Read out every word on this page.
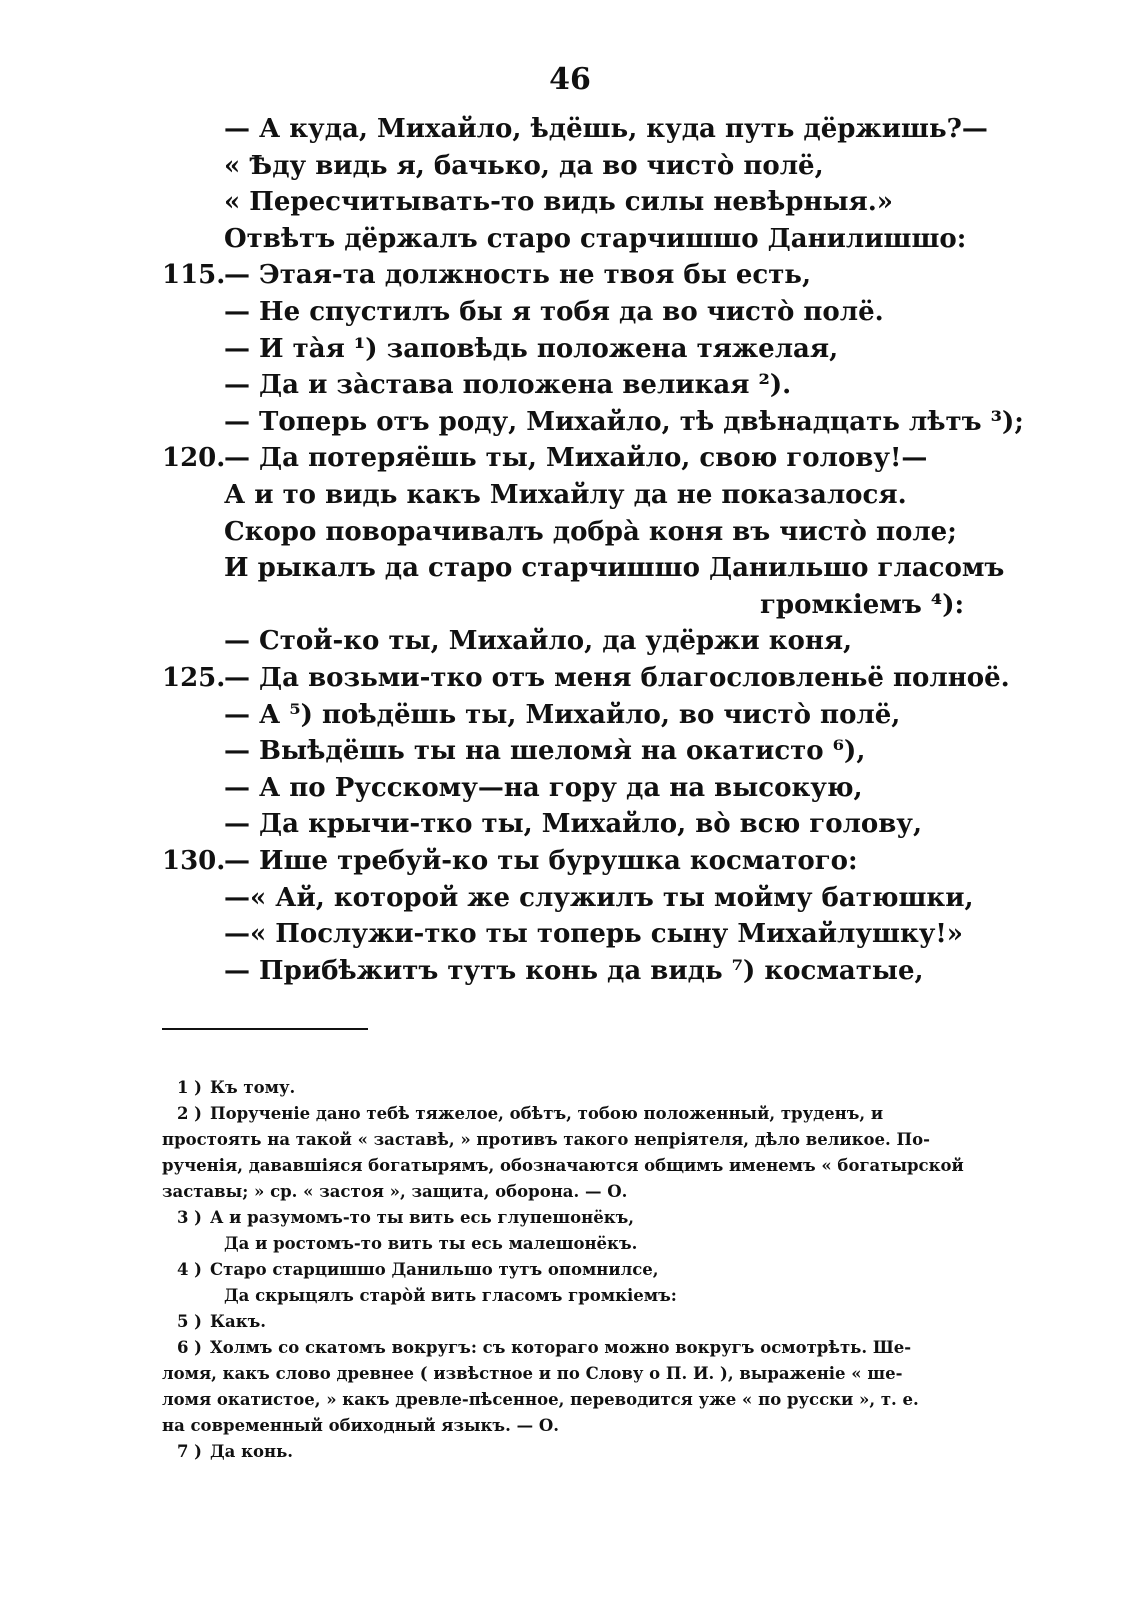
46
— А куда, Михайло, ѣдёшь, куда путь дёржишь?—
« Ѣду видь я, бачько, да во чисто̀ полё,
« Пересчитывать-то видь силы невѣрныя.»
Отвѣтъ дёржалъ старо старчишшо Данилишшо:
115.
— Этая-та должность не твоя бы есть,
— Не спустилъ бы я тобя да во чисто̀ полё.
— И та̀я ¹) заповѣдь положена тяжелая,
— Да и за̀става положена великая ²).
— Топерь отъ роду, Михайло, тѣ двѣнадцать лѣтъ ³);
120.
— Да потеряёшь ты, Михайло, свою голову!—
А и то видь какъ Михайлу да не показалося.
Скоро поворачивалъ добра̀ коня въ чисто̀ поле;
И рыкалъ да старо старчишшо Данильшо гласомъ
громкіемъ ⁴):
— Стой-ко ты, Михайло, да удёржи коня,
125.
— Да возьми-тко отъ меня благословленьё полноё.
— А ⁵) поѣдёшь ты, Михайло, во чисто̀ полё,
— Выѣдёшь ты на шеломя̀ на окатисто ⁶),
— А по Русскому—на гору да на высокую,
— Да крычи-тко ты, Михайло, во̀ всю голову,
130.
— Ише требуй-ко ты бурушка косматого:
—« Ай, которой же служилъ ты мойму батюшки,
—« Послужи-тко ты топерь сыну Михайлушку!»
— Прибѣжитъ тутъ конь да видь ⁷) косматые,
1 ) Къ тому.
2 ) Порученіе дано тебѣ тяжелое, обѣтъ, тобою положенный, труденъ, и
простоять на такой « заставѣ, » противъ такого непріятеля, дѣло великое. По-
рученія, дававшіяся богатырямъ, обозначаются общимъ именемъ « богатырской
заставы; » ср. « застоя », защита, оборона. — О.
3 ) А и разумомъ-то ты вить есь глупешонёкъ,
Да и ростомъ-то вить ты есь малешонёкъ.
4 ) Старо старцишшо Данильшо тутъ опомнилсе,
Да скрыцялъ старо̀й вить гласомъ громкіемъ:
5 ) Какъ.
6 ) Холмъ со скатомъ вокругъ: съ котораго можно вокругъ осмотрѣть. Ше-
ломя, какъ слово древнее ( извѣстное и по Слову о П. И. ), выраженіе « ше-
ломя окатистое, » какъ древле-пѣсенное, переводится уже « по русски », т. е.
на современный обиходный языкъ. — О.
7 ) Да конь.
